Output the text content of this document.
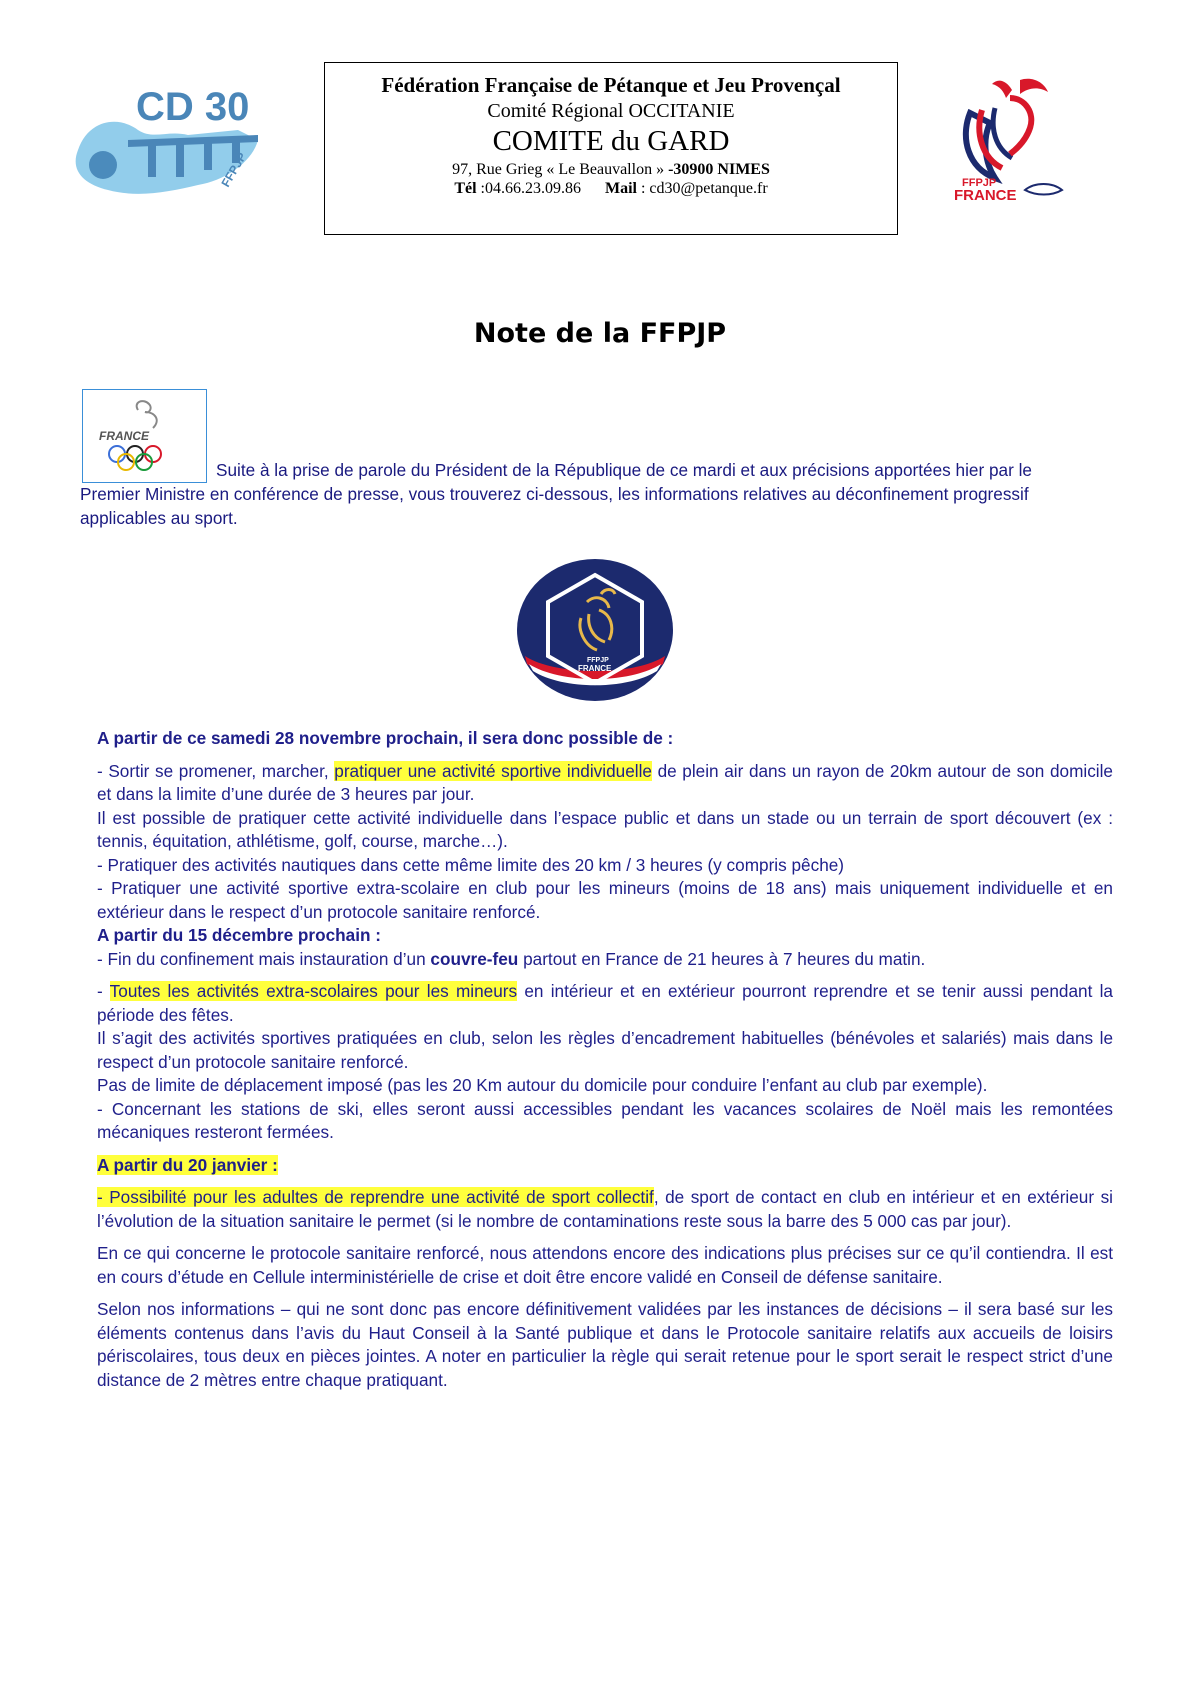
CD 30
FFPJP
Fédération Française de Pétanque et Jeu Provençal
Comité Régional OCCITANIE
COMITE du GARD
97, Rue Grieg « Le Beauvallon » -30900 NIMES
Tél :04.66.23.09.86 Mail : cd30@petanque.fr	FFPJP
FRANCE
Note de la FFPJP
FRANCE
Suite à la prise de parole du Président de la République de ce mardi et aux précisions apportées hier par le Premier Ministre en conférence de presse, vous trouverez ci-dessous, les informations relatives au déconfinement progressif applicables au sport.
FFPJP
FRANCE

A partir de ce samedi 28 novembre prochain, il sera donc possible de :

- Sortir se promener, marcher, pratiquer une activité sportive individuelle de plein air dans un rayon de 20km autour de son domicile et dans la limite d’une durée de 3 heures par jour.

Il est possible de pratiquer cette activité individuelle dans l’espace public et dans un stade ou un terrain de sport découvert (ex : tennis, équitation, athlétisme, golf, course, marche…).

- Pratiquer des activités nautiques dans cette même limite des 20 km / 3 heures (y compris pêche)

- Pratiquer une activité sportive extra-scolaire en club pour les mineurs (moins de 18 ans) mais uniquement individuelle et en extérieur dans le respect d’un protocole sanitaire renforcé.

A partir du 15 décembre prochain :

- Fin du confinement mais instauration d’un couvre-feu partout en France de 21 heures à 7 heures du matin.

- Toutes les activités extra-scolaires pour les mineurs en intérieur et en extérieur pourront reprendre et se tenir aussi pendant la période des fêtes.

Il s’agit des activités sportives pratiquées en club, selon les règles d’encadrement habituelles (bénévoles et salariés) mais dans le respect d’un protocole sanitaire renforcé.

Pas de limite de déplacement imposé (pas les 20 Km autour du domicile pour conduire l’enfant au club par exemple).

- Concernant les stations de ski, elles seront aussi accessibles pendant les vacances scolaires de Noël mais les remontées mécaniques resteront fermées.

A partir du 20 janvier :

- Possibilité pour les adultes de reprendre une activité de sport collectif, de sport de contact en club en intérieur et en extérieur si l’évolution de la situation sanitaire le permet (si le nombre de contaminations reste sous la barre des 5 000 cas par jour).

En ce qui concerne le protocole sanitaire renforcé, nous attendons encore des indications plus précises sur ce qu’il contiendra. Il est en cours d’étude en Cellule interministérielle de crise et doit être encore validé en Conseil de défense sanitaire.

Selon nos informations – qui ne sont donc pas encore définitivement validées par les instances de décisions – il sera basé sur les éléments contenus dans l’avis du Haut Conseil à la Santé publique et dans le Protocole sanitaire relatifs aux accueils de loisirs périscolaires, tous deux en pièces jointes. A noter en particulier la règle qui serait retenue pour le sport serait le respect strict d’une distance de 2 mètres entre chaque pratiquant.
